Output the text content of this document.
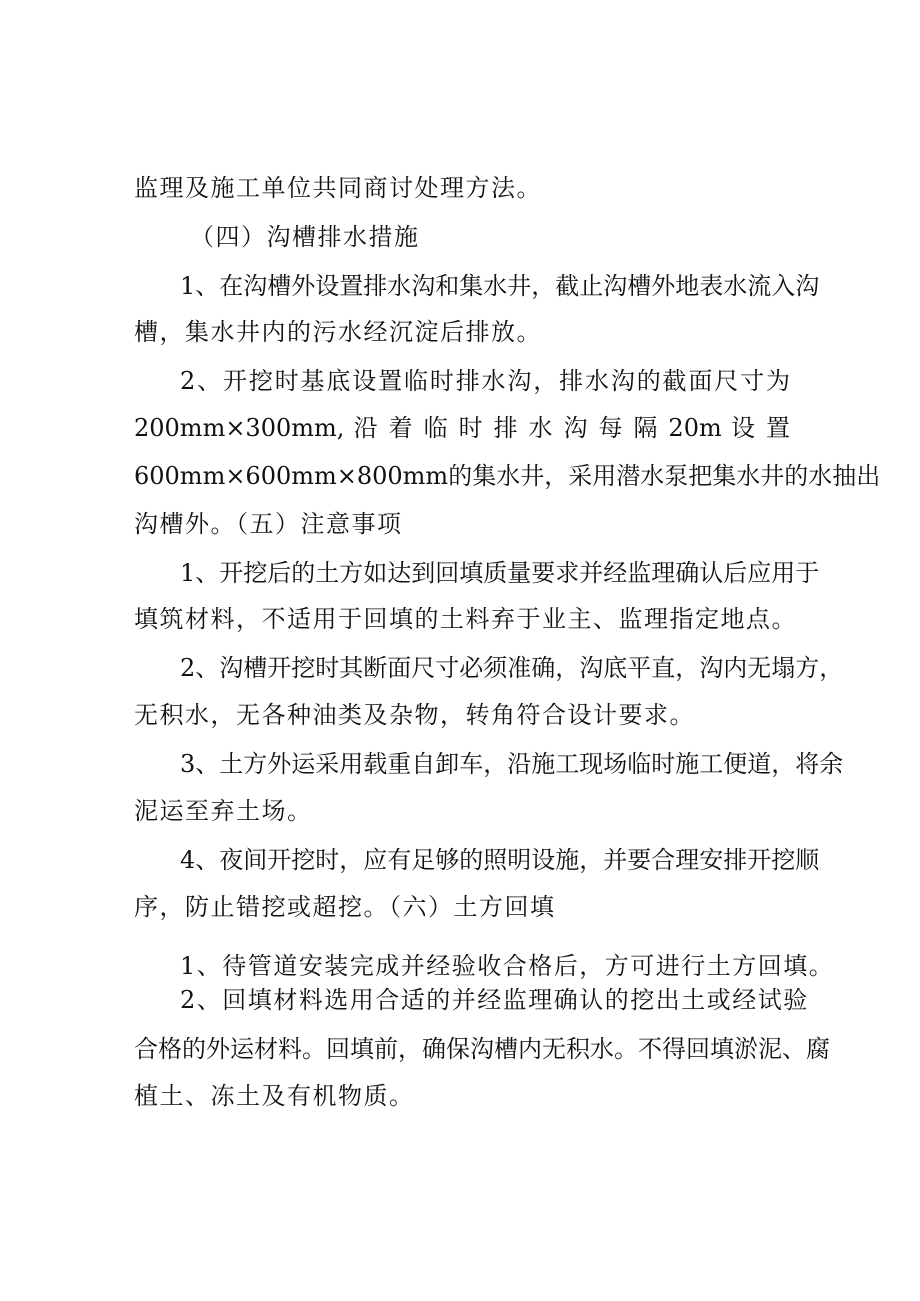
监理及施工单位共同商讨处理方法。
（四）沟槽排水措施
1、在沟槽外设置排水沟和集水井，截止沟槽外地表水流入沟
槽，集水井内的污水经沉淀后排放。
2、开挖时基底设置临时排水沟，排水沟的截面尺寸为
200mm×300mm, 沿 着 临 时 排 水 沟 每 隔 20m 设 置
600mm×600mm×800mm的集水井，采用潜水泵把集水井的水抽出
沟槽外。（五）注意事项
1、开挖后的土方如达到回填质量要求并经监理确认后应用于
填筑材料，不适用于回填的土料弃于业主、监理指定地点。
2、沟槽开挖时其断面尺寸必须准确，沟底平直，沟内无塌方，
无积水，无各种油类及杂物，转角符合设计要求。
3、土方外运采用载重自卸车，沿施工现场临时施工便道，将余
泥运至弃土场。
4、夜间开挖时，应有足够的照明设施，并要合理安排开挖顺
序，防止错挖或超挖。（六）土方回填
1、待管道安装完成并经验收合格后，方可进行土方回填。
2、回填材料选用合适的并经监理确认的挖出土或经试验
合格的外运材料。回填前，确保沟槽内无积水。不得回填淤泥、腐
植土、冻土及有机物质。
